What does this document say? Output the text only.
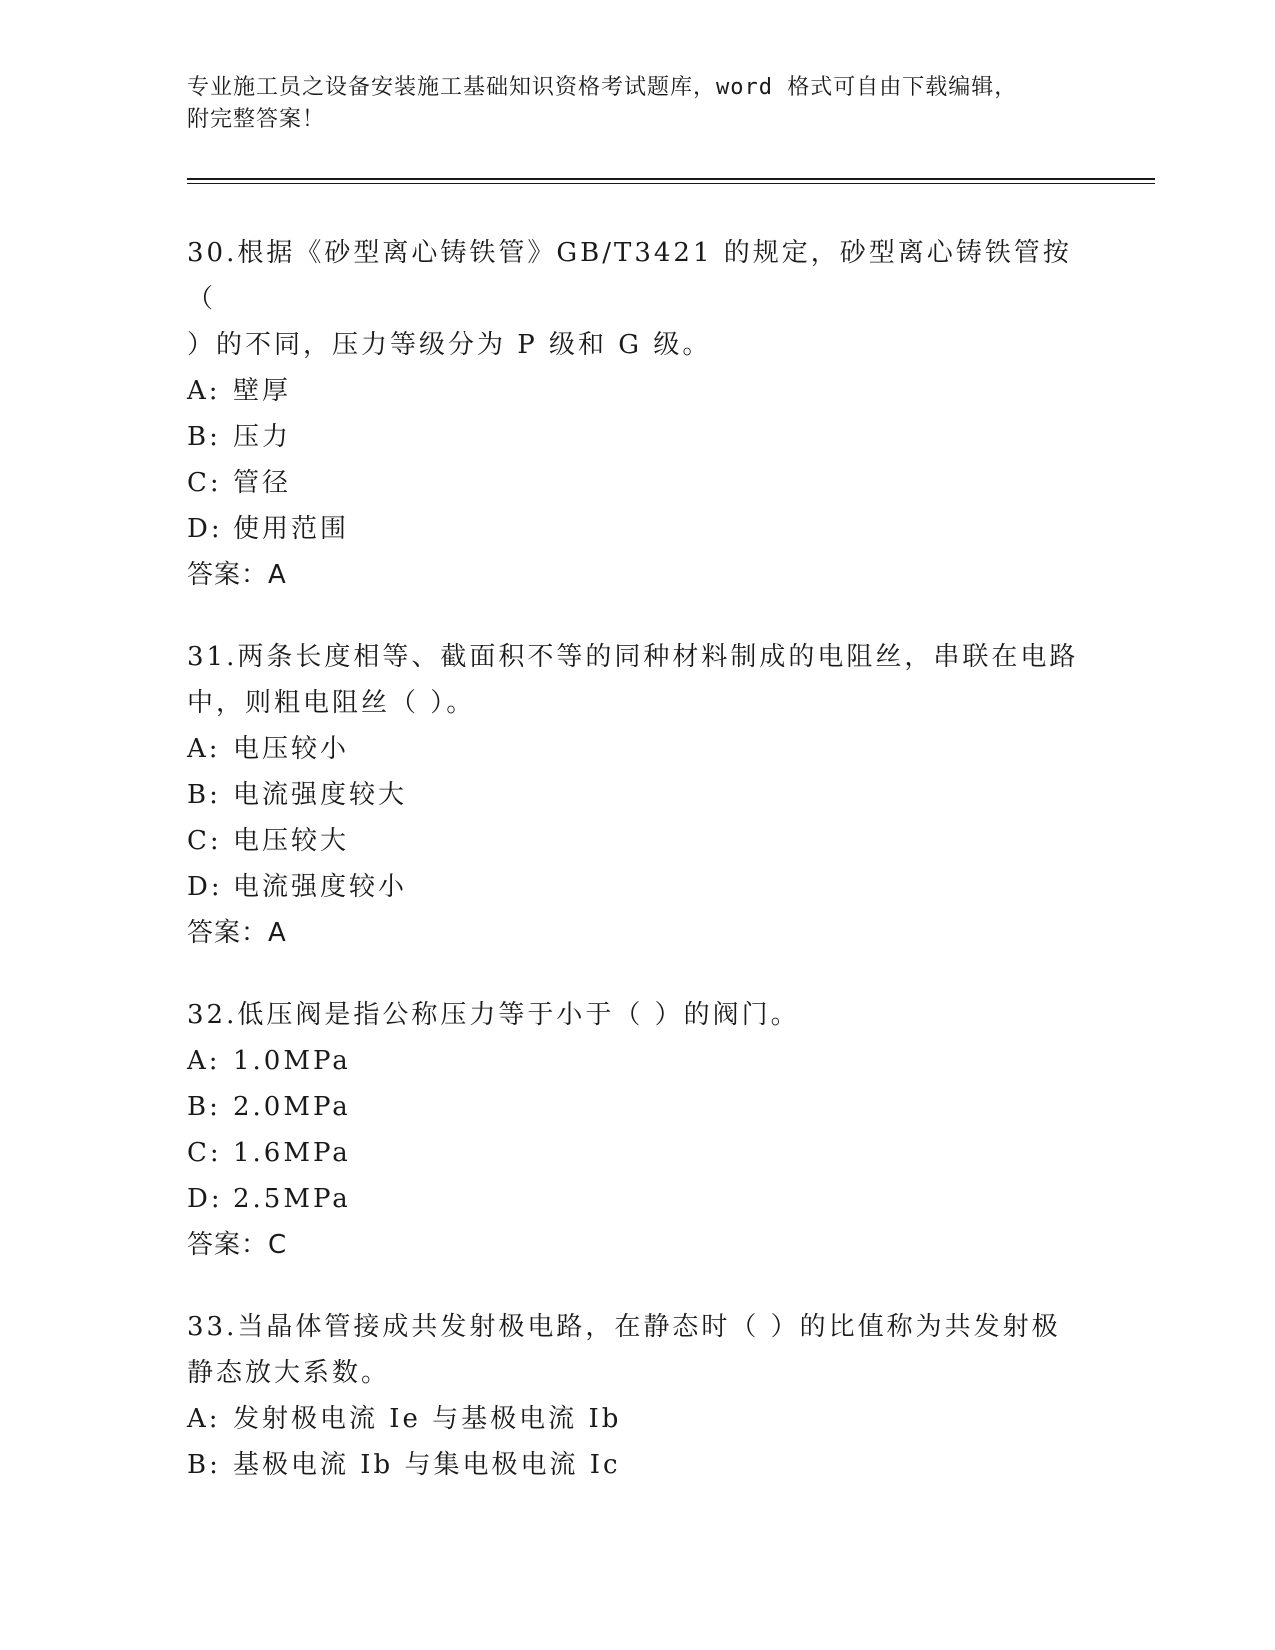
专业施工员之设备安装施工基础知识资格考试题库，word 格式可自由下载编辑，
附完整答案！
30.根据《砂型离心铸铁管》GB/T3421 的规定，砂型离心铸铁管按（
）的不同，压力等级分为 P 级和 G 级。
A: 壁厚
B: 压力
C: 管径
D: 使用范围
答案：A
31.两条长度相等、截面积不等的同种材料制成的电阻丝，串联在电路
中，则粗电阻丝（ ）。
A: 电压较小
B: 电流强度较大
C: 电压较大
D: 电流强度较小
答案：A
32.低压阀是指公称压力等于小于（ ）的阀门。
A: 1.0MPa
B: 2.0MPa
C: 1.6MPa
D: 2.5MPa
答案：C
33.当晶体管接成共发射极电路，在静态时（ ）的比值称为共发射极
静态放大系数。
A: 发射极电流 Ie 与基极电流 Ib
B: 基极电流 Ib 与集电极电流 Ic
